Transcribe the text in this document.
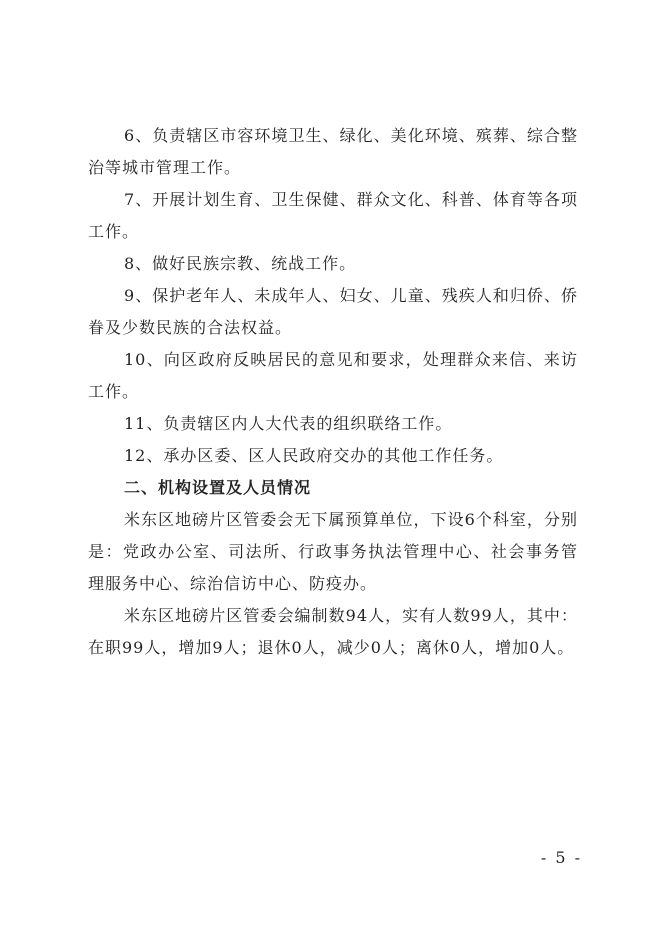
6、负责辖区市容环境卫生、绿化、美化环境、殡葬、综合整治等城市管理工作。

7、开展计划生育、卫生保健、群众文化、科普、体育等各项工作。

8、做好民族宗教、统战工作。

9、保护老年人、未成年人、妇女、儿童、残疾人和归侨、侨眷及少数民族的合法权益。

10、向区政府反映居民的意见和要求，处理群众来信、来访工作。

11、负责辖区内人大代表的组织联络工作。

12、承办区委、区人民政府交办的其他工作任务。

二、机构设置及人员情况

米东区地磅片区管委会无下属预算单位，下设6个科室，分别是：党政办公室、司法所、行政事务执法管理中心、社会事务管理服务中心、综治信访中心、防疫办。

米东区地磅片区管委会编制数94人，实有人数99人，其中：在职99人，增加9人；退休0人，减少0人；离休0人，增加0人。

- 5 -
